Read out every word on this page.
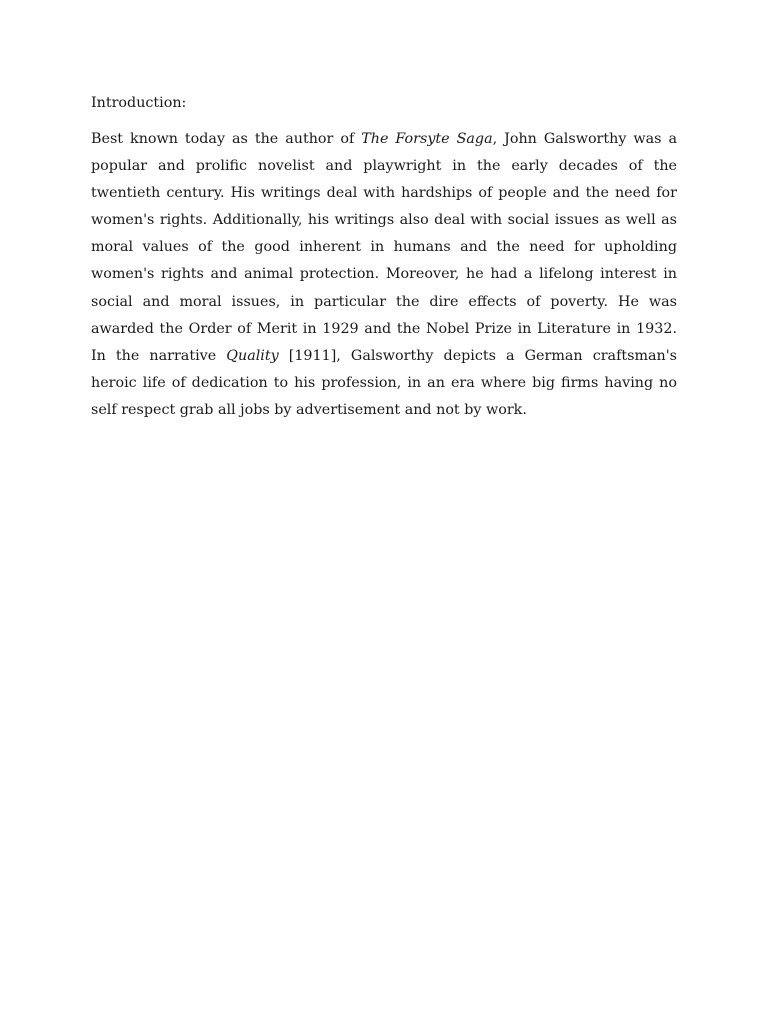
Introduction:

Best known today as the author of The Forsyte Saga, John Galsworthy was a popular and prolific novelist and playwright in the early decades of the twentieth century. His writings deal with hardships of people and the need for women's rights. Additionally, his writings also deal with social issues as well as moral values of the good inherent in humans and the need for upholding women's rights and animal protection. Moreover, he had a lifelong interest in social and moral issues, in particular the dire effects of poverty. He was awarded the Order of Merit in 1929 and the Nobel Prize in Literature in 1932. In the narrative Quality [1911], Galsworthy depicts a German craftsman's heroic life of dedication to his profession, in an era where big firms having no self respect grab all jobs by advertisement and not by work.
